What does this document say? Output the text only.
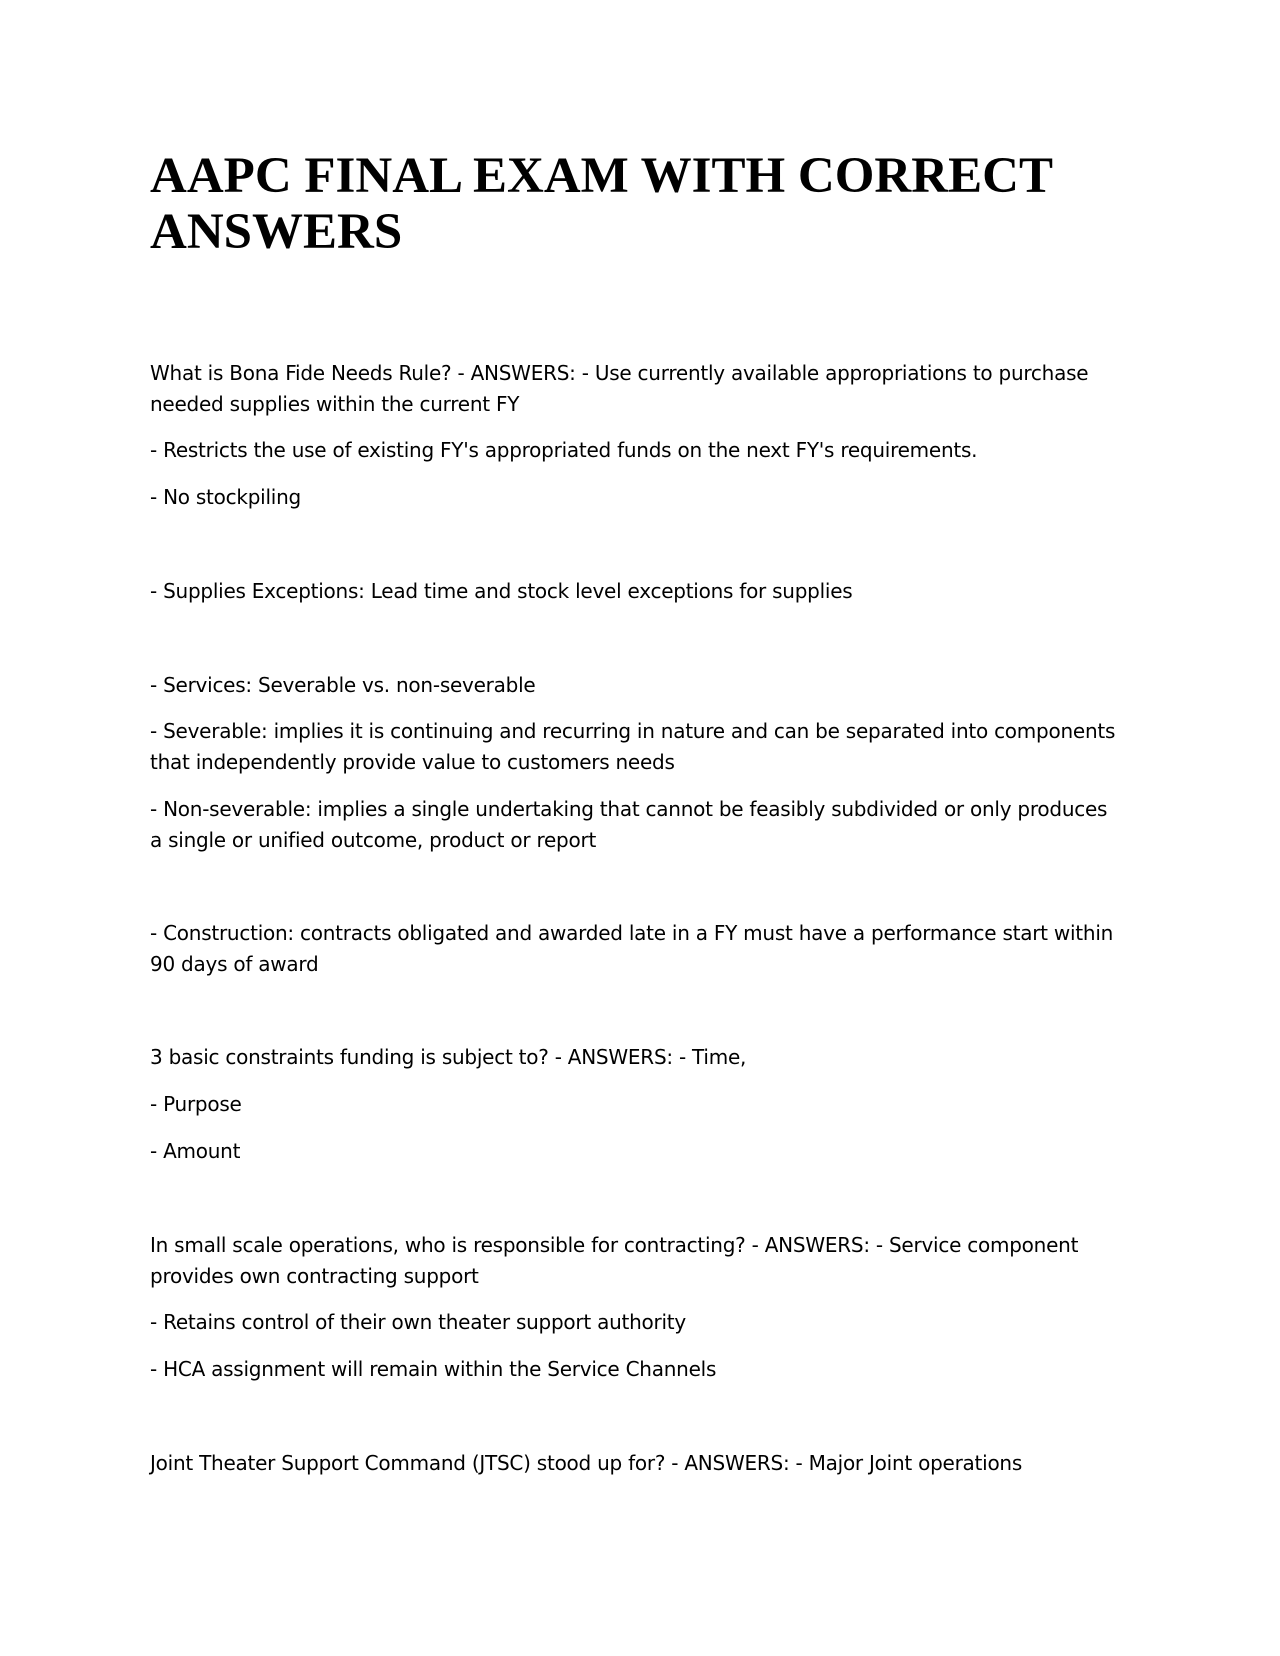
AAPC FINAL EXAM WITH CORRECT ANSWERS

What is Bona Fide Needs Rule? - ANSWERS: - Use currently available appropriations to purchase needed supplies within the current FY

- Restricts the use of existing FY's appropriated funds on the next FY's requirements.

- No stockpiling

- Supplies Exceptions: Lead time and stock level exceptions for supplies

- Services: Severable vs. non-severable

- Severable: implies it is continuing and recurring in nature and can be separated into components that independently provide value to customers needs

- Non-severable: implies a single undertaking that cannot be feasibly subdivided or only produces a single or unified outcome, product or report

- Construction: contracts obligated and awarded late in a FY must have a performance start within 90 days of award

3 basic constraints funding is subject to? - ANSWERS: - Time,

- Purpose

- Amount

In small scale operations, who is responsible for contracting? - ANSWERS: - Service component provides own contracting support

- Retains control of their own theater support authority

- HCA assignment will remain within the Service Channels

Joint Theater Support Command (JTSC) stood up for? - ANSWERS: - Major Joint operations
